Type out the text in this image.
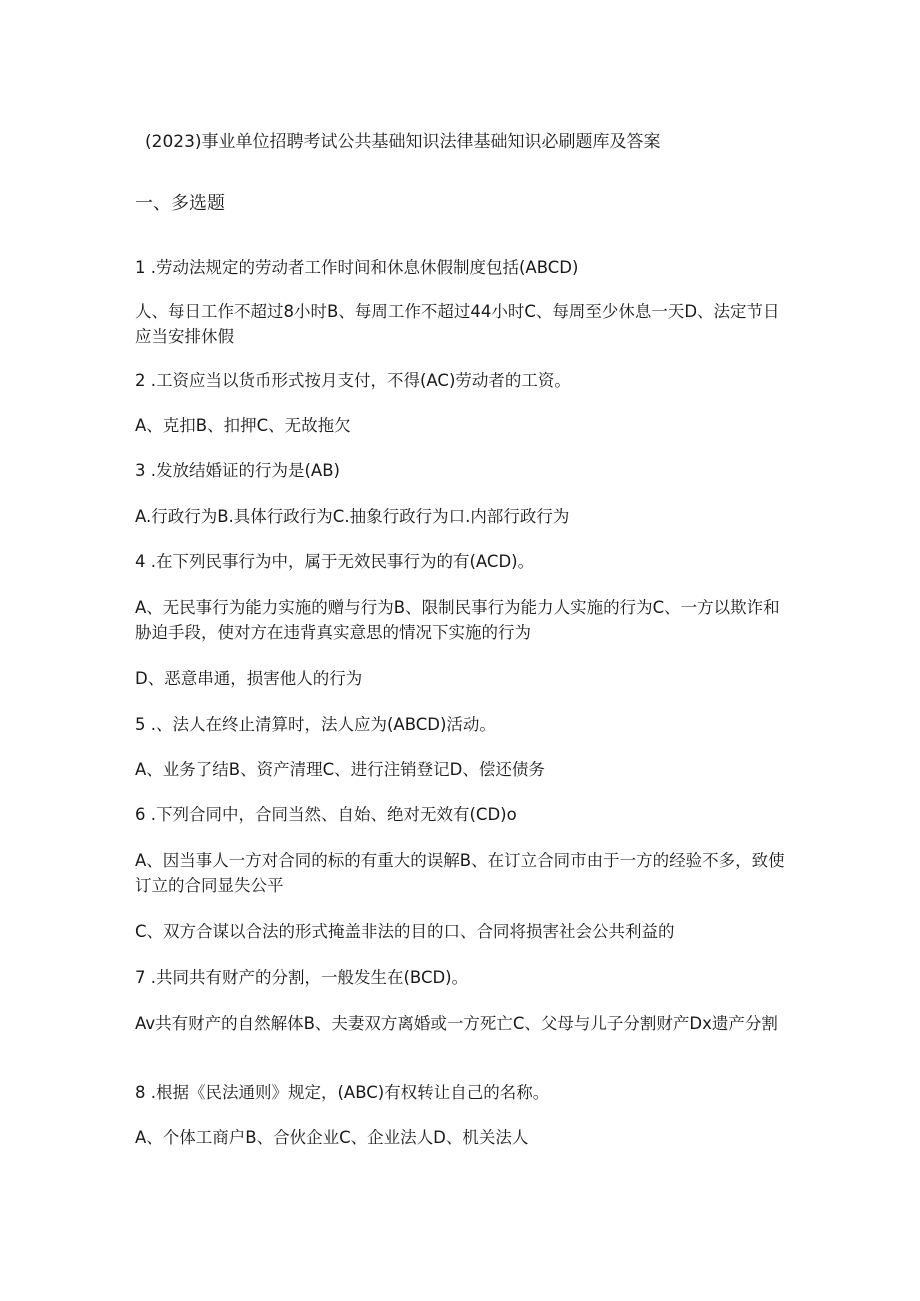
(2023)事业单位招聘考试公共基础知识法律基础知识必刷题库及答案
一、多选题
1 .劳动法规定的劳动者工作时间和休息休假制度包括(ABCD)
人、每日工作不超过8小时B、每周工作不超过44小时C、每周至少休息一天D、法定节日应当安排休假
2 .工资应当以货币形式按月支付，不得(AC)劳动者的工资。
A、克扣B、扣押C、无故拖欠
3 .发放结婚证的行为是(AB)
A.行政行为B.具体行政行为C.抽象行政行为口.内部行政行为
4 .在下列民事行为中，属于无效民事行为的有(ACD)。
A、无民事行为能力实施的赠与行为B、限制民事行为能力人实施的行为C、一方以欺诈和胁迫手段，使对方在违背真实意思的情况下实施的行为
D、恶意串通，损害他人的行为
5 .、法人在终止清算时，法人应为(ABCD)活动。
A、业务了结B、资产清理C、进行注销登记D、偿还债务
6 .下列合同中，合同当然、自始、绝对无效有(CD)o
A、因当事人一方对合同的标的有重大的误解B、在订立合同市由于一方的经验不多，致使订立的合同显失公平
C、双方合谋以合法的形式掩盖非法的目的口、合同将损害社会公共利益的
7 .共同共有财产的分割，一般发生在(BCD)。
Av共有财产的自然解体B、夫妻双方离婚或一方死亡C、父母与儿子分割财产Dx遗产分割
8 .根据《民法通则》规定，(ABC)有权转让自己的名称。
A、个体工商户B、合伙企业C、企业法人D、机关法人
